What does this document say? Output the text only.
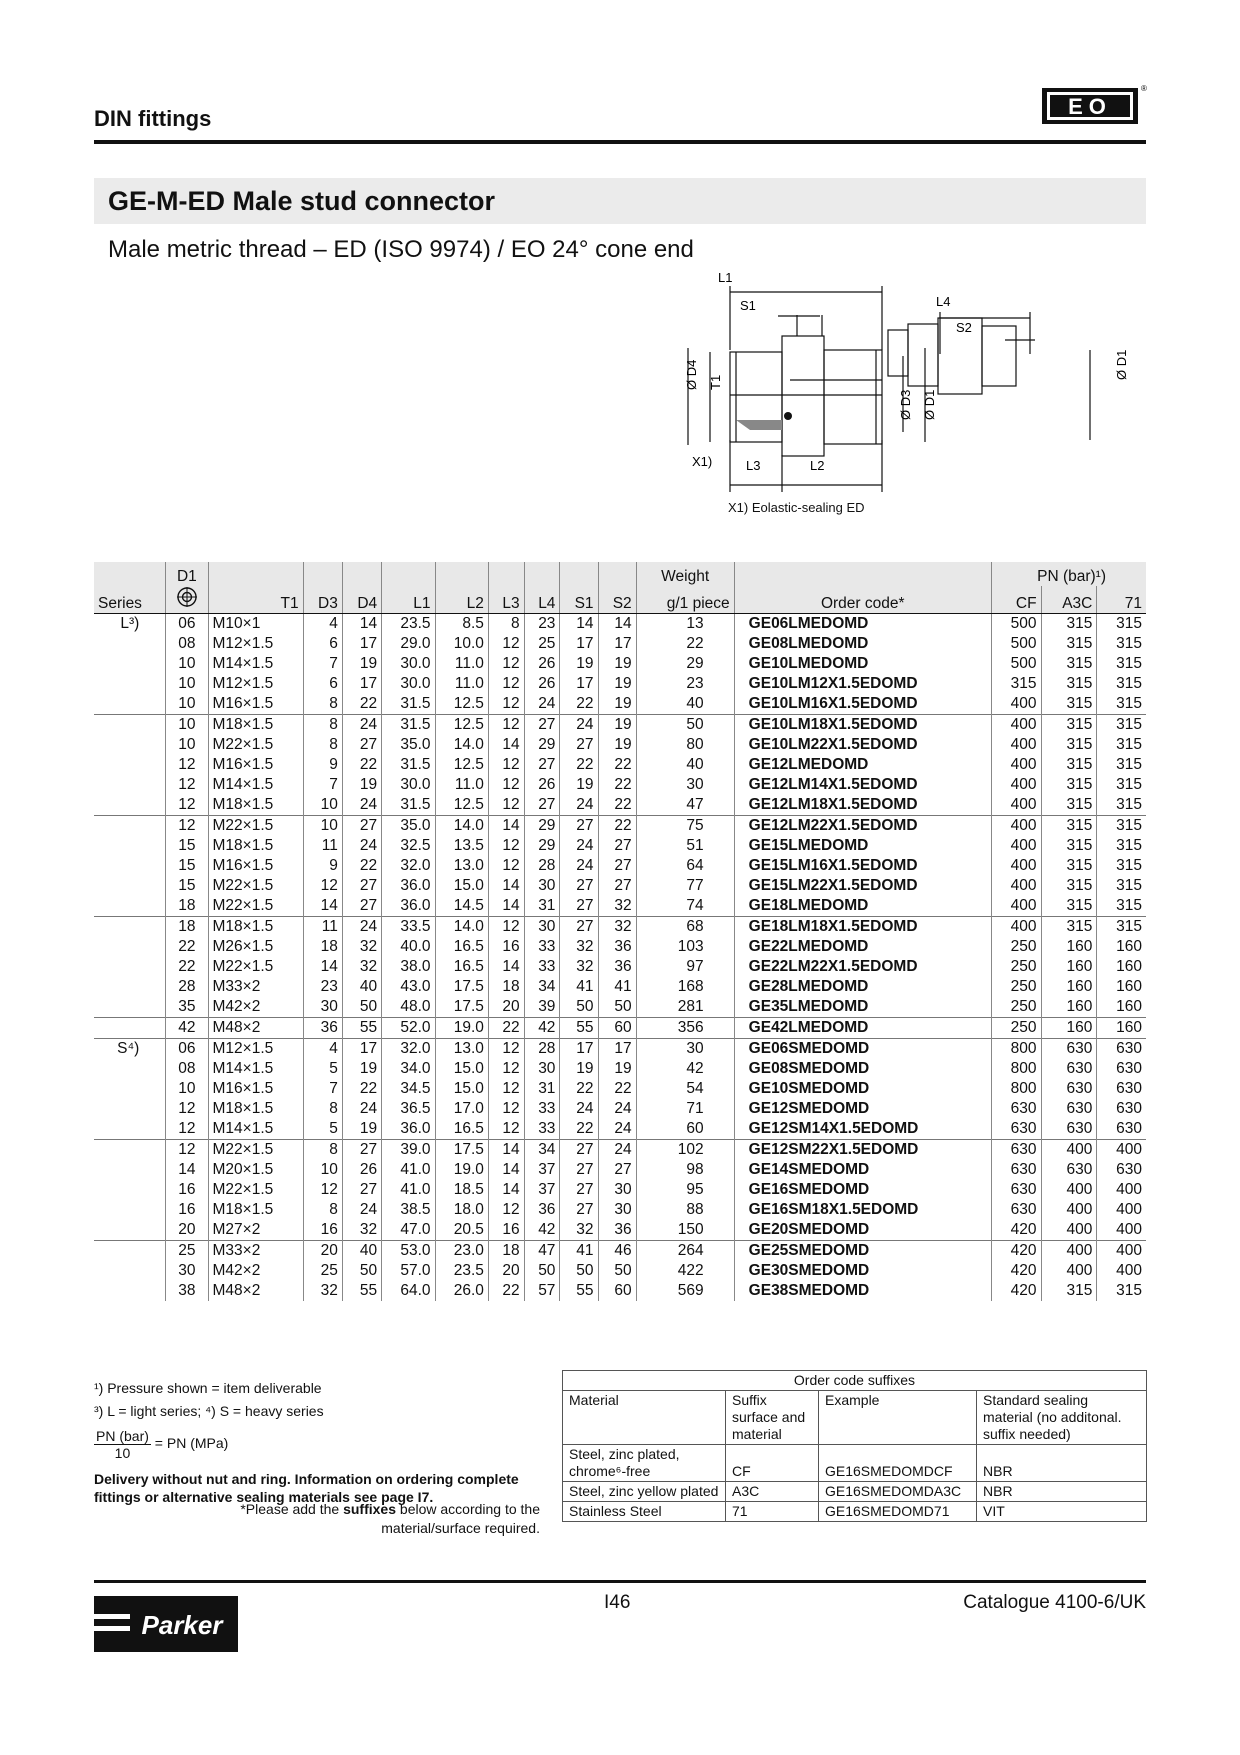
DIN fittings	EO
®
GE-M-ED Male stud connector
Male metric thread – ED (ISO 9974) / EO 24° cone end
L1
S1	L4
S2
Ø D4 T1
Ø D3 Ø D1
Ø D1
X1)	L3	L2
X1) Eolastic-sealing ED
	D1										Weight		PN (bar)¹)		
Series		T1	D3	D4	L1	L2	L3	L4	S1	S2	g/1 piece	Order code*	CF	A3C	71
L³)	06	M10×1	4	14	23.5	8.5	8	23	14	14	13	GE06LMEDOMD	500	315	315
	08	M12×1.5	6	17	29.0	10.0	12	25	17	17	22	GE08LMEDOMD	500	315	315
	10	M14×1.5	7	19	30.0	11.0	12	26	19	19	29	GE10LMEDOMD	500	315	315
	10	M12×1.5	6	17	30.0	11.0	12	26	17	19	23	GE10LM12X1.5EDOMD	315	315	315
	10	M16×1.5	8	22	31.5	12.5	12	24	22	19	40	GE10LM16X1.5EDOMD	400	315	315
	10	M18×1.5	8	24	31.5	12.5	12	27	24	19	50	GE10LM18X1.5EDOMD	400	315	315
	10	M22×1.5	8	27	35.0	14.0	14	29	27	19	80	GE10LM22X1.5EDOMD	400	315	315
	12	M16×1.5	9	22	31.5	12.5	12	27	22	22	40	GE12LMEDOMD	400	315	315
	12	M14×1.5	7	19	30.0	11.0	12	26	19	22	30	GE12LM14X1.5EDOMD	400	315	315
	12	M18×1.5	10	24	31.5	12.5	12	27	24	22	47	GE12LM18X1.5EDOMD	400	315	315
	12	M22×1.5	10	27	35.0	14.0	14	29	27	22	75	GE12LM22X1.5EDOMD	400	315	315
	15	M18×1.5	11	24	32.5	13.5	12	29	24	27	51	GE15LMEDOMD	400	315	315
	15	M16×1.5	9	22	32.0	13.0	12	28	24	27	64	GE15LM16X1.5EDOMD	400	315	315
	15	M22×1.5	12	27	36.0	15.0	14	30	27	27	77	GE15LM22X1.5EDOMD	400	315	315
	18	M22×1.5	14	27	36.0	14.5	14	31	27	32	74	GE18LMEDOMD	400	315	315
	18	M18×1.5	11	24	33.5	14.0	12	30	27	32	68	GE18LM18X1.5EDOMD	400	315	315
	22	M26×1.5	18	32	40.0	16.5	16	33	32	36	103	GE22LMEDOMD	250	160	160
	22	M22×1.5	14	32	38.0	16.5	14	33	32	36	97	GE22LM22X1.5EDOMD	250	160	160
	28	M33×2	23	40	43.0	17.5	18	34	41	41	168	GE28LMEDOMD	250	160	160
	35	M42×2	30	50	48.0	17.5	20	39	50	50	281	GE35LMEDOMD	250	160	160
	42	M48×2	36	55	52.0	19.0	22	42	55	60	356	GE42LMEDOMD	250	160	160
S⁴)	06	M12×1.5	4	17	32.0	13.0	12	28	17	17	30	GE06SMEDOMD	800	630	630
	08	M14×1.5	5	19	34.0	15.0	12	30	19	19	42	GE08SMEDOMD	800	630	630
	10	M16×1.5	7	22	34.5	15.0	12	31	22	22	54	GE10SMEDOMD	800	630	630
	12	M18×1.5	8	24	36.5	17.0	12	33	24	24	71	GE12SMEDOMD	630	630	630
	12	M14×1.5	5	19	36.0	16.5	12	33	22	24	60	GE12SM14X1.5EDOMD	630	630	630
	12	M22×1.5	8	27	39.0	17.5	14	34	27	24	102	GE12SM22X1.5EDOMD	630	400	400
	14	M20×1.5	10	26	41.0	19.0	14	37	27	27	98	GE14SMEDOMD	630	630	630
	16	M22×1.5	12	27	41.0	18.5	14	37	27	30	95	GE16SMEDOMD	630	400	400
	16	M18×1.5	8	24	38.5	18.0	12	36	27	30	88	GE16SM18X1.5EDOMD	630	400	400
	20	M27×2	16	32	47.0	20.5	16	42	32	36	150	GE20SMEDOMD	420	400	400
	25	M33×2	20	40	53.0	23.0	18	47	41	46	264	GE25SMEDOMD	420	400	400
	30	M42×2	25	50	57.0	23.5	20	50	50	50	422	GE30SMEDOMD	420	400	400
	38	M48×2	32	55	64.0	26.0	22	57	55	60	569	GE38SMEDOMD	420	315	315
¹) Pressure shown = item deliverable
³) L = light series; ⁴) S = heavy series
PN (bar)
10 = PN (MPa)
Delivery without nut and ring. Information on ordering complete fittings or alternative sealing materials see page I7.
*Please add the suffixes below according to the material/surface required.
Order code suffixes			
Material	Suffix surface and material	Example	Standard sealing material (no additonal. suffix needed)
Steel, zinc plated, chrome⁶-free	CF	GE16SMEDOMDCF	NBR
Steel, zinc yellow plated	A3C	GE16SMEDOMDA3C	NBR
Stainless Steel	71	GE16SMEDOMD71	VIT
Parker
I46	Catalogue 4100-6/UK
